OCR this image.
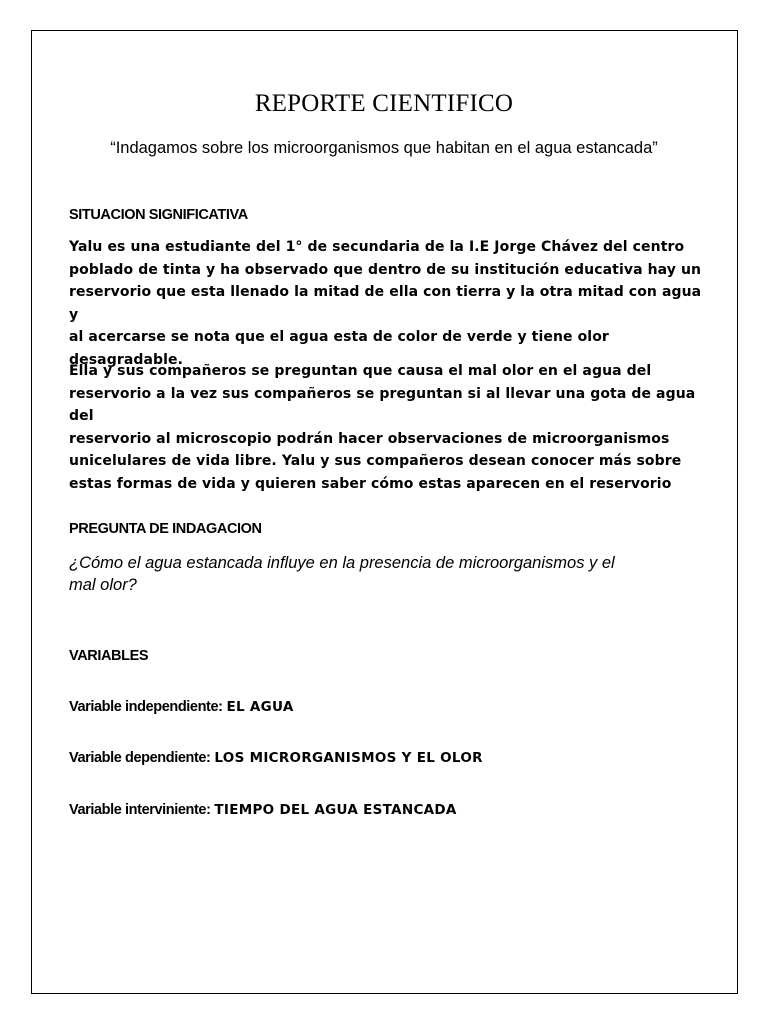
REPORTE CIENTIFICO
“Indagamos sobre los microorganismos que habitan en el agua estancada”
SITUACION SIGNIFICATIVA

Yalu es una estudiante del 1° de secundaria de la I.E Jorge Chávez del centro

poblado de tinta y ha observado que dentro de su institución educativa hay un

reservorio que esta llenado la mitad de ella con tierra y la otra mitad con agua y

al acercarse se nota que el agua esta de color de verde y tiene olor

desagradable.

Ella y sus compañeros se preguntan que causa el mal olor en el agua del

reservorio a la vez sus compañeros se preguntan si al llevar una gota de agua del

reservorio al microscopio podrán hacer observaciones de microorganismos

unicelulares de vida libre. Yalu y sus compañeros desean conocer más sobre

estas formas de vida y quieren saber cómo estas aparecen en el reservorio

PREGUNTA DE INDAGACION
¿Cómo el agua estancada influye en la presencia de microorganismos y el
mal olor?
VARIABLES
Variable independiente: EL AGUA
Variable dependiente: LOS MICRORGANISMOS Y EL OLOR
Variable interviniente: TIEMPO DEL AGUA ESTANCADA
